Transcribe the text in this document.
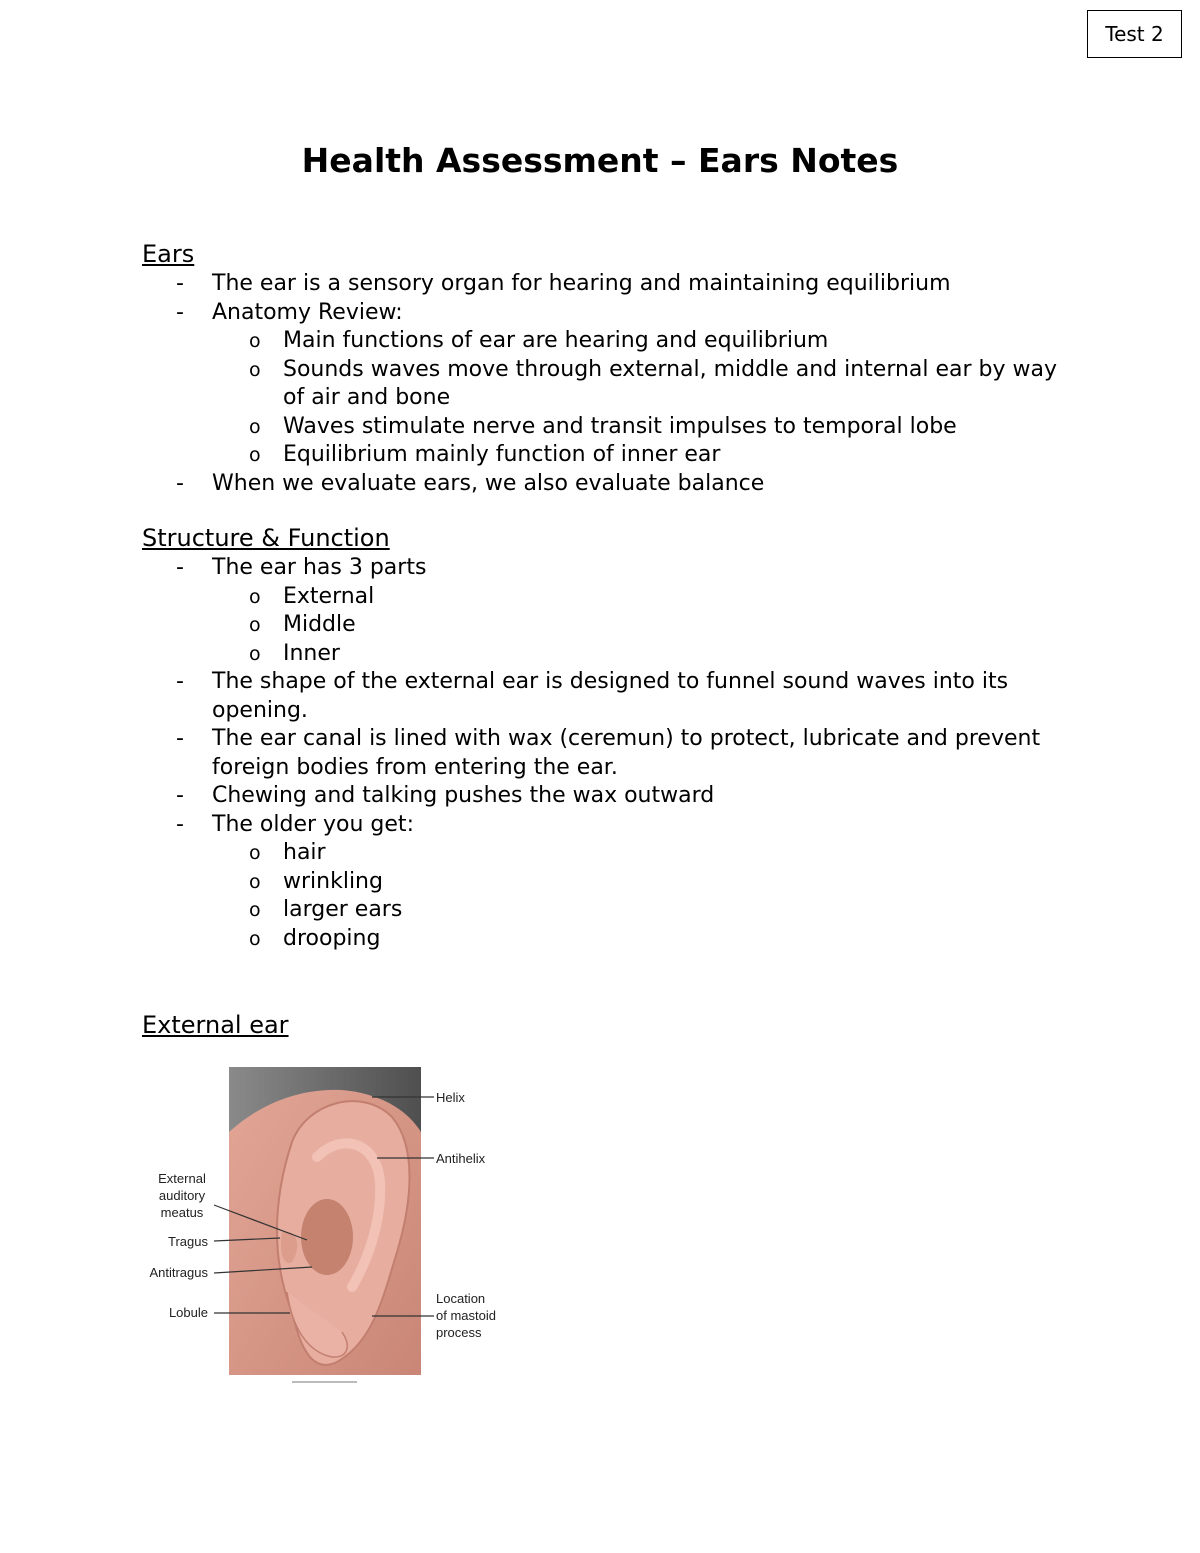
Test 2
Health Assessment – Ears Notes
Ears
- The ear is a sensory organ for hearing and maintaining equilibrium
- Anatomy Review:
o Main functions of ear are hearing and equilibrium
o Sounds waves move through external, middle and internal ear by way of air and bone
o Waves stimulate nerve and transit impulses to temporal lobe
o Equilibrium mainly function of inner ear
- When we evaluate ears, we also evaluate balance
Structure & Function
- The ear has 3 parts
o External
o Middle
o Inner
- The shape of the external ear is designed to funnel sound waves into its opening.
- The ear canal is lined with wax (ceremun) to protect, lubricate and prevent foreign bodies from entering the ear.
- Chewing and talking pushes the wax outward
- The older you get:
o hair
o wrinkling
o larger ears
o drooping
External ear
Helix
Antihelix
External
auditory
meatus
Tragus
Antitragus
Lobule
Location
of mastoid
process
